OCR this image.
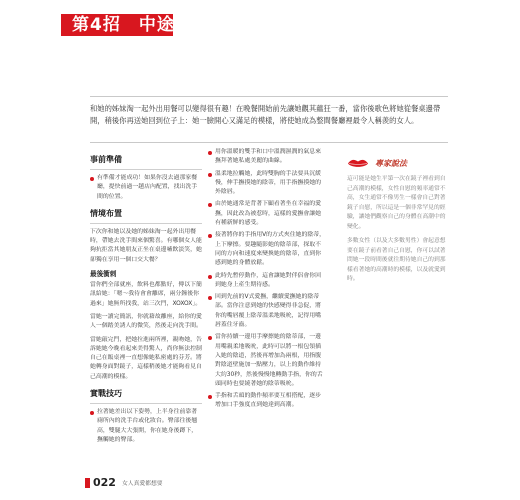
第4招　中途離席
和她的姊妹淘一起外出用餐可以變得很有趣！在晚餐開始前先讓她觀其蘊狂一番，當你後歌色將她從餐桌邊帶開，稍後你再送她回到位子上：她一臉開心又滿足的模樣，將使她成為整間餐廳裡最令人稱羨的女人。
事前準備
有準備才能成功！如果你沒去過那家餐廳，提快前過一趟店內配置，找出洗手間的位置。
情境布置
下次你和她以及她的姊妹淘一起外出用餐時，帶她去洗手間來個驚喜。有哪個女人能夠抗拒當其她朋友正坐在桌邊嗑飲淡笑，她卻獨在享用一個口交大餐？
最後衝刺
當你們全部就座，飲料也都點好，傳以下簡訊給她：「嗯～我待會會離席，兩分鐘後你過來」她無所找我，站三次門，XOXOX」。
當她一讀完簡訊，你就藉故離座，給你的愛人一個踏美誘人的微笑，然後走向洗手間。
當她敲完門，把她拉進兩所裡，親吻她，告訴她她今晚看起來美得驚人，尚你無法控制自己在飯桌裡一直想像她私密處的芬芳。將她轉身面對鏡子，這樣稍後她才能夠看見自己高潮的模樣。
實戰技巧
拉著她差出以下姿勢，上半身往前靠著廁所內的洗手台或化妝台。臀部往後翹高，雙腿大大張開，你在她身後蹲下，撫觸她的臀部。
用你溫暖的雙手和口中溫潤濕潤的氣息來撫拜著她私處美麗的曲線。
溫柔地拉觸她，此時雙胸的手法要具沉緩慢，伸手撫摸她的陰蒂，用手指撫摸她的外陰唇。
由於她通常是背著下顧看著坐在幸福的愛撫，因此改為被惹時，這樣的愛撫會讓她有種新鮮的感受。
接著將你的手指用V的方式夾住她的陰蒂，上下摩擦。要趣隨影她的陰蒂部，探取不同的方向和速度來變換她的陰蒂，直到你感到她的身體放鬆。
此時先暫停動作，這會讓她對伴侶會你回到她身上產生期待感。
回到先前的V式愛撫，繼續愛撫她的陰蒂部。當你注意到她的快感變得非急促，將你的嘴唇覆上陰蒂溫柔地吸吮，記得用嘴唇蓋住牙齒。
當你持續一邊用手摩擦她的陰蒂部，一邊用嘴親柔地吸吮，此時可以將一根包領插入她的陰道，然後再增加為兩根，用指腹對陰道壁施加一點壓力，以上的動作維持大約30秒，然後慢慢地轉動手指，你的舌頭同時也要繞著她的陰蒂吸吮。
手指和舌頭的動作頻率要互相搭配，逐步增加口手強度直到她達到高潮。
專家說法
這可能是她生平第一次在鏡子裡看到自己高潮的模樣，女性自慰的頻率通常不高，女生通常不像男生一樣會自己對著鏡子自慰，所以這是一個非常罕見的經驗，讓她們觀察自己的身體在高潮中的變化。
多數女性（以及大多數男性）會起意想要在鏡子前看著自己自慰，你可以試著問她一段時間後就往期待她自己的到那樣看著她的高潮時的模樣，以及就愛到時。
022 女人真愛都想要
